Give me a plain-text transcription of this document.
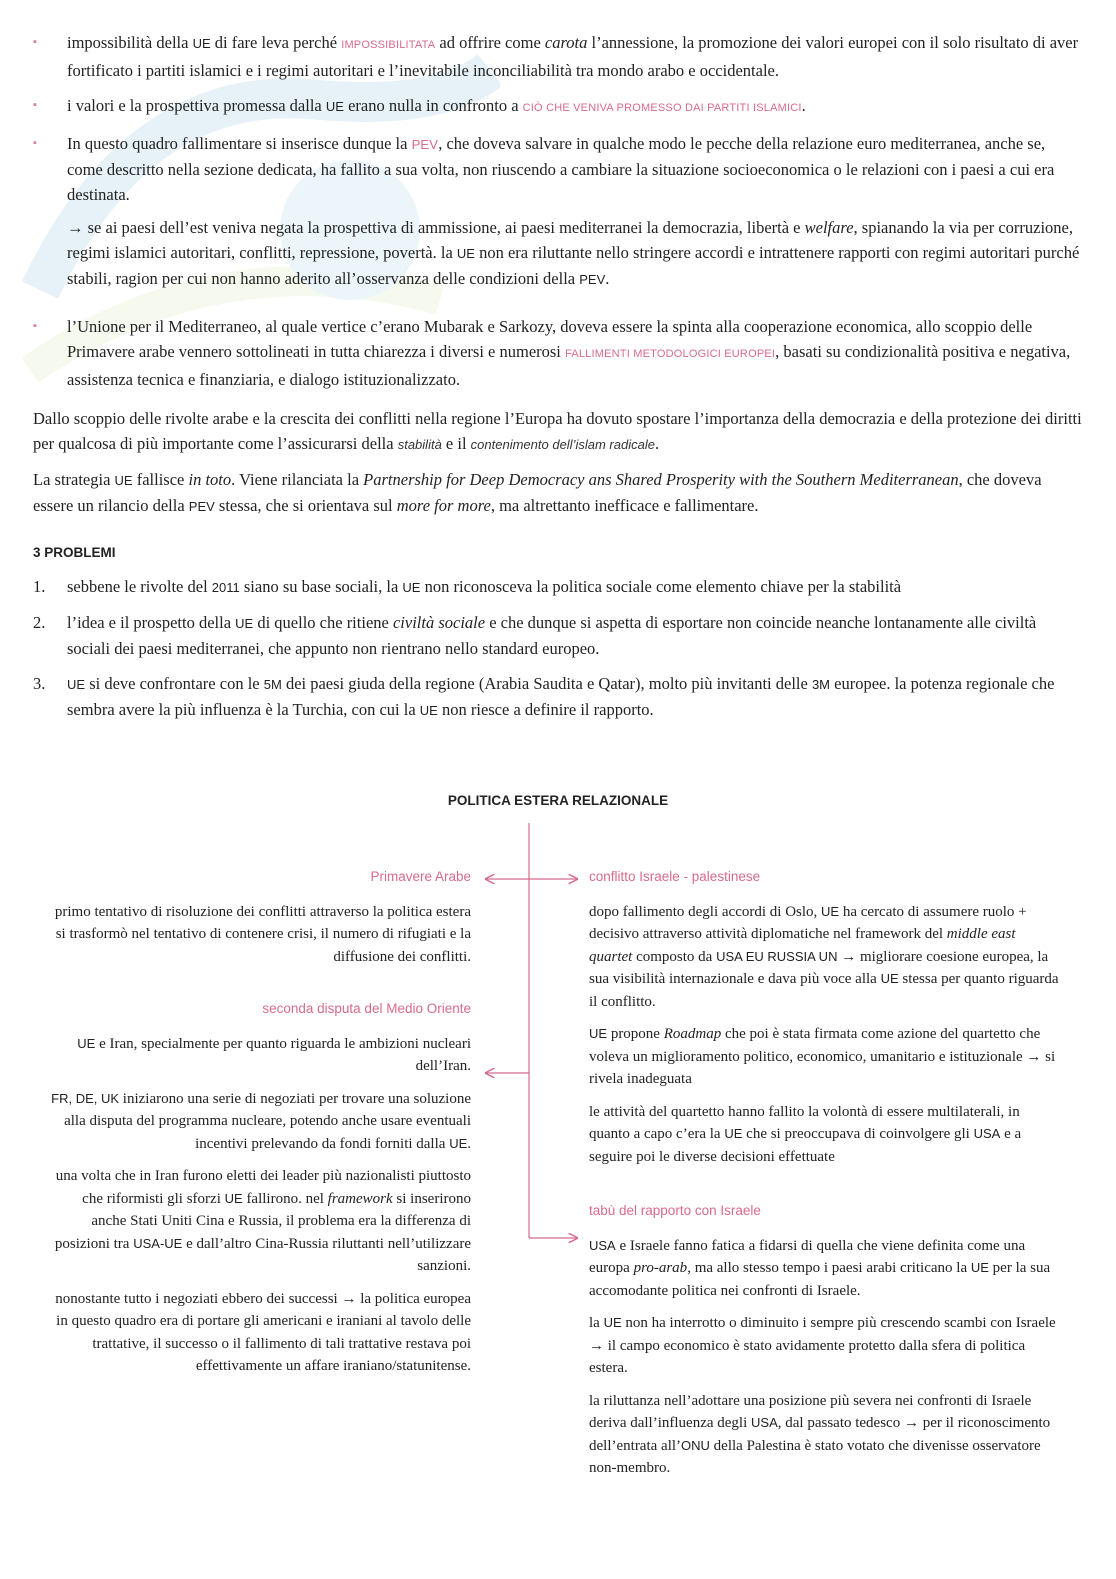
▪ impossibilità della UE di fare leva perché IMPOSSIBILITATA ad offrire come carota l’annessione, la promozione dei valori europei con il solo risultato di aver fortificato i partiti islamici e i regimi autoritari e l’inevitabile inconciliabilità tra mondo arabo e occidentale.
▪ i valori e la prospettiva promessa dalla UE erano nulla in confronto a CIÒ CHE VENIVA PROMESSO DAI PARTITI ISLAMICI.
▪ In questo quadro fallimentare si inserisce dunque la PEV, che doveva salvare in qualche modo le pecche della relazione euro mediterranea, anche se, come descritto nella sezione dedicata, ha fallito a sua volta, non riuscendo a cambiare la situazione socioeconomica o le relazioni con i paesi a cui era destinata.
→ se ai paesi dell’est veniva negata la prospettiva di ammissione, ai paesi mediterranei la democrazia, libertà e welfare, spianando la via per corruzione, regimi islamici autoritari, conflitti, repressione, povertà. la UE non era riluttante nello stringere accordi e intrattenere rapporti con regimi autoritari purché stabili, ragion per cui non hanno aderito all’osservanza delle condizioni della PEV.
▪ l’Unione per il Mediterraneo, al quale vertice c’erano Mubarak e Sarkozy, doveva essere la spinta alla cooperazione economica, allo scoppio delle Primavere arabe vennero sottolineati in tutta chiarezza i diversi e numerosi FALLIMENTI METODOLOGICI EUROPEI, basati su condizionalità positiva e negativa, assistenza tecnica e finanziaria, e dialogo istituzionalizzato.
Dallo scoppio delle rivolte arabe e la crescita dei conflitti nella regione l’Europa ha dovuto spostare l’importanza della democrazia e della protezione dei diritti per qualcosa di più importante come l’assicurarsi della stabilità e il contenimento dell’islam radicale.
La strategia UE fallisce in toto. Viene rilanciata la Partnership for Deep Democracy ans Shared Prosperity with the Southern Mediterranean, che doveva essere un rilancio della PEV stessa, che si orientava sul more for more, ma altrettanto inefficace e fallimentare.
3 PROBLEMI
1. sebbene le rivolte del 2011 siano su base sociali, la UE non riconosceva la politica sociale come elemento chiave per la stabilità
2. l’idea e il prospetto della UE di quello che ritiene civiltà sociale e che dunque si aspetta di esportare non coincide neanche lontanamente alle civiltà sociali dei paesi mediterranei, che appunto non rientrano nello standard europeo.
3. UE si deve confrontare con le 5M dei paesi giuda della regione (Arabia Saudita e Qatar), molto più invitanti delle 3M europee. la potenza regionale che sembra avere la più influenza è la Turchia, con cui la UE non riesce a definire il rapporto.
POLITICA ESTERA RELAZIONALE
Primavere Arabe
primo tentativo di risoluzione dei conflitti attraverso la politica estera si trasformò nel tentativo di contenere crisi, il numero di rifugiati e la diffusione dei conflitti.
seconda disputa del Medio Oriente
UE e Iran, specialmente per quanto riguarda le ambizioni nucleari dell’Iran.
FR, DE, UK iniziarono una serie di negoziati per trovare una soluzione alla disputa del programma nucleare, potendo anche usare eventuali incentivi prelevando da fondi forniti dalla UE.
una volta che in Iran furono eletti dei leader più nazionalisti piuttosto che riformisti gli sforzi UE fallirono. nel framework si inserirono anche Stati Uniti Cina e Russia, il problema era la differenza di posizioni tra USA-UE e dall’altro Cina-Russia riluttanti nell’utilizzare sanzioni.
nonostante tutto i negoziati ebbero dei successi → la politica europea in questo quadro era di portare gli americani e iraniani al tavolo delle trattative, il successo o il fallimento di tali trattative restava poi effettivamente un affare iraniano/statunitense.
conflitto Israele - palestinese
dopo fallimento degli accordi di Oslo, UE ha cercato di assumere ruolo + decisivo attraverso attività diplomatiche nel framework del middle east quartet composto da USA EU RUSSIA UN → migliorare coesione europea, la sua visibilità internazionale e dava più voce alla UE stessa per quanto riguarda il conflitto.
UE propone Roadmap che poi è stata firmata come azione del quartetto che voleva un miglioramento politico, economico, umanitario e istituzionale → si rivela inadeguata
le attività del quartetto hanno fallito la volontà di essere multilaterali, in quanto a capo c’era la UE che si preoccupava di coinvolgere gli USA e a seguire poi le diverse decisioni effettuate
tabù del rapporto con Israele
USA e Israele fanno fatica a fidarsi di quella che viene definita come una europa pro-arab, ma allo stesso tempo i paesi arabi criticano la UE per la sua accomodante politica nei confronti di Israele.
la UE non ha interrotto o diminuito i sempre più crescendo scambi con Israele → il campo economico è stato avidamente protetto dalla sfera di politica estera.
la riluttanza nell’adottare una posizione più severa nei confronti di Israele deriva dall’influenza degli USA, dal passato tedesco → per il riconoscimento dell’entrata all’ONU della Palestina è stato votato che divenisse osservatore non-membro.
